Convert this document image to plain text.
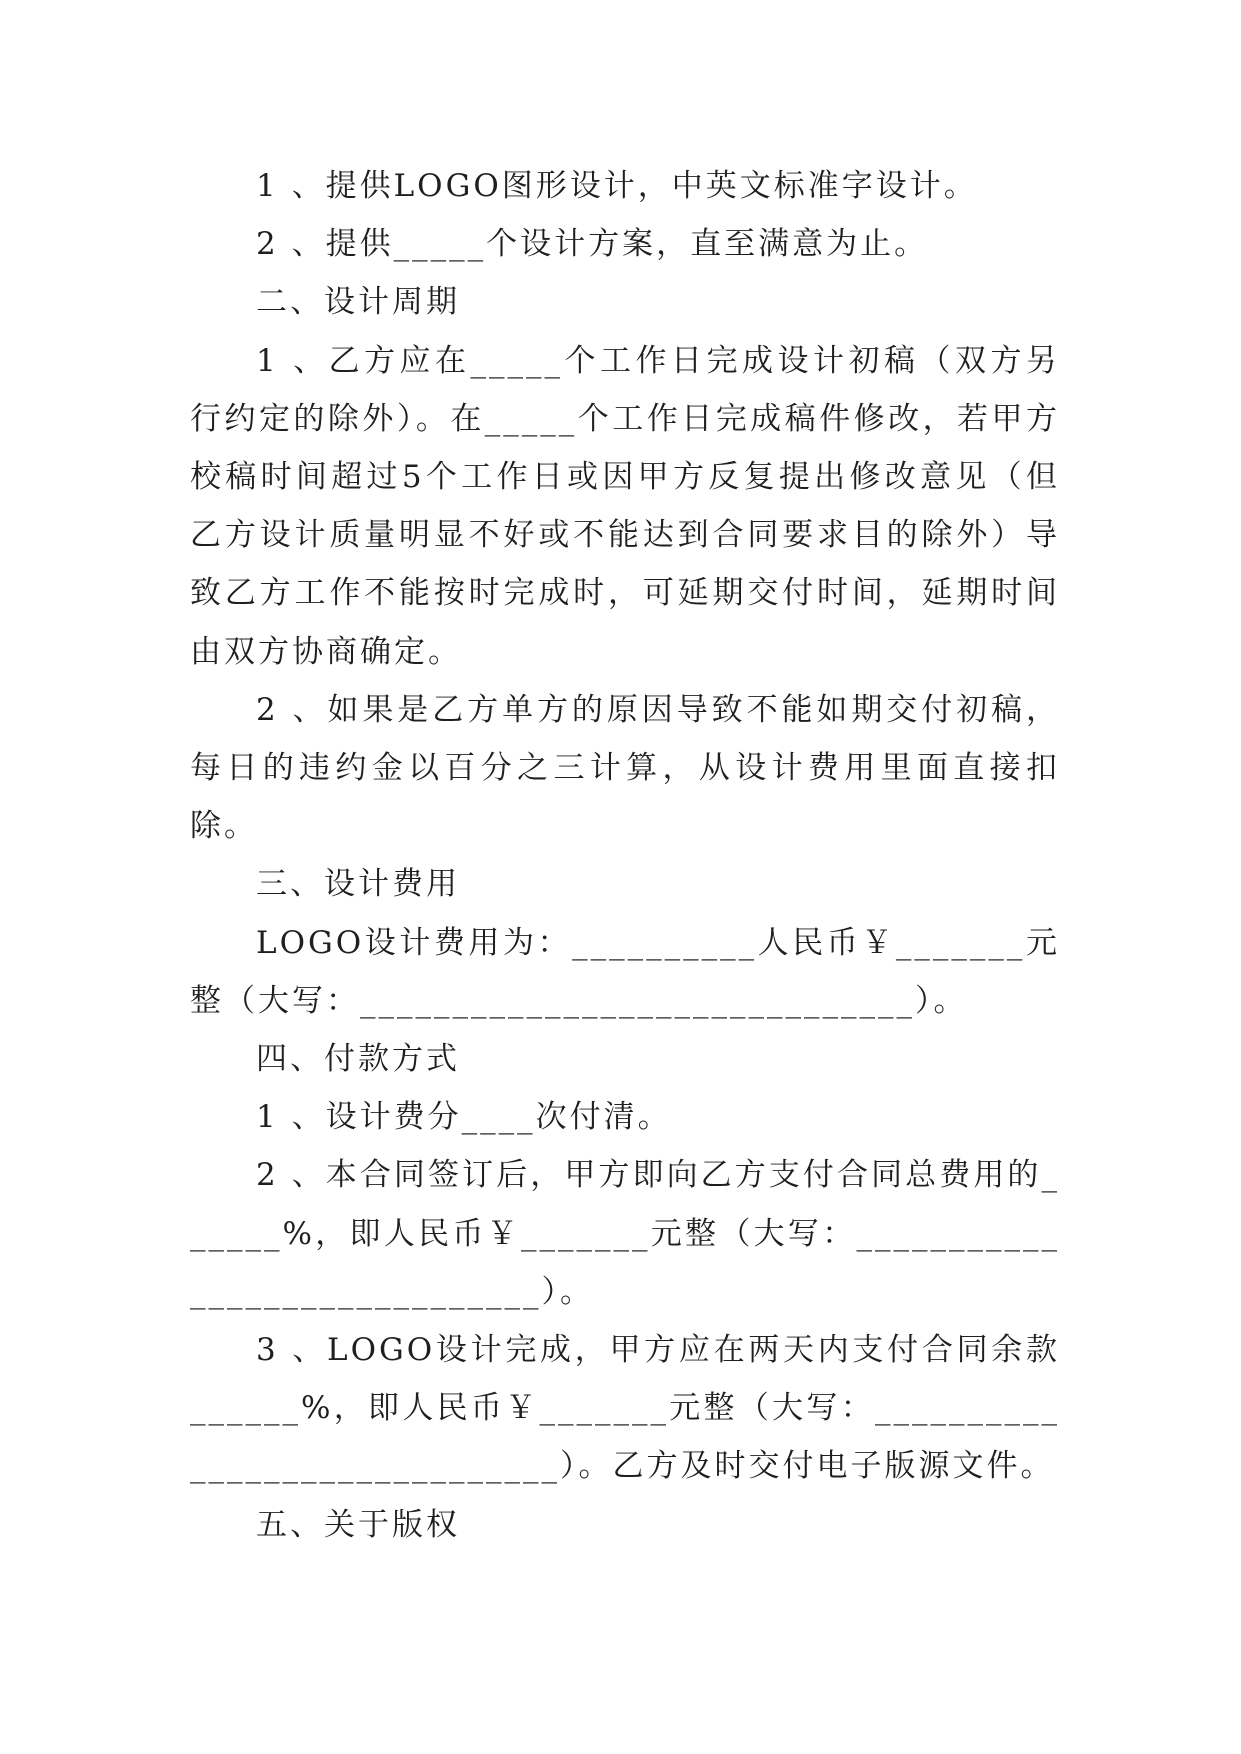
1 、提供LOGO图形设计，中英文标准字设计。

2 、提供_____个设计方案，直至满意为止。

二、设计周期

1 、乙方应在_____个工作日完成设计初稿（双方另行约定的除外）。在_____个工作日完成稿件修改，若甲方校稿时间超过5个工作日或因甲方反复提出修改意见（但乙方设计质量明显不好或不能达到合同要求目的除外）导致乙方工作不能按时完成时，可延期交付时间，延期时间由双方协商确定。

2 、如果是乙方单方的原因导致不能如期交付初稿，每日的违约金以百分之三计算，从设计费用里面直接扣除。

三、设计费用

LOGO设计费用为：__________人民币￥_______元整（大写：______________________________）。

四、付款方式

1 、设计费分____次付清。

2 、本合同签订后，甲方即向乙方支付合同总费用的______%，即人民币￥_______元整（大写：______________________________）。

3 、LOGO设计完成，甲方应在两天内支付合同余款______%，即人民币￥_______元整（大写：______________________________）。乙方及时交付电子版源文件。

五、关于版权
